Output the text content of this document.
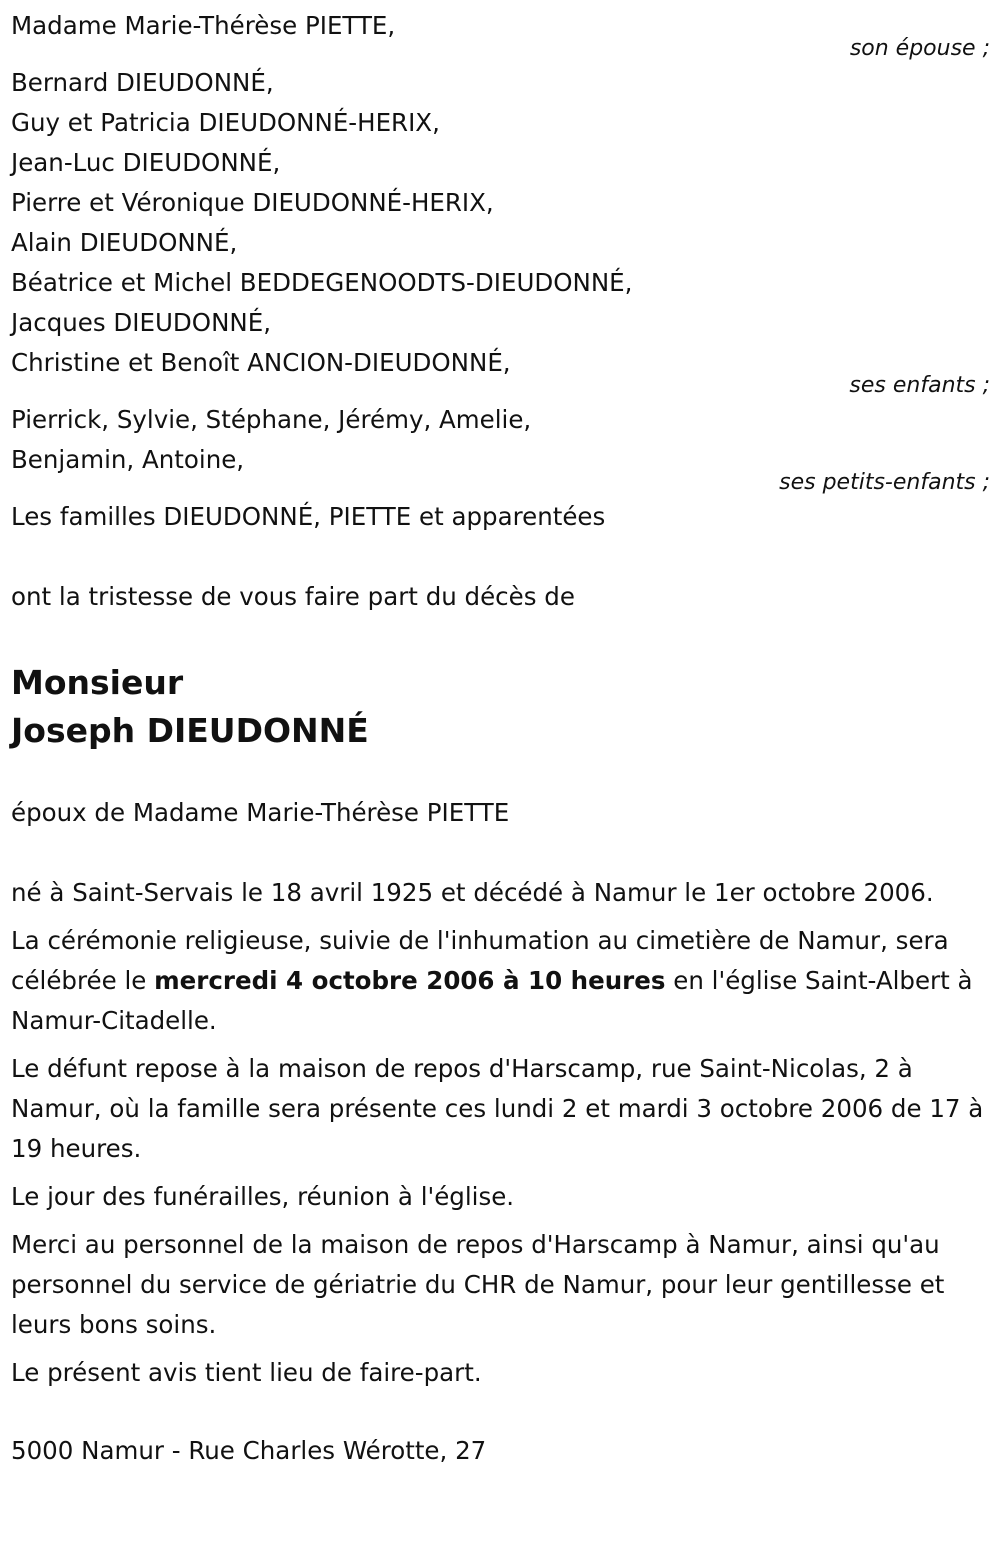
Madame Marie-Thérèse PIETTE,
son épouse ;
Bernard DIEUDONNÉ,
Guy et Patricia DIEUDONNÉ-HERIX,
Jean-Luc DIEUDONNÉ,
Pierre et Véronique DIEUDONNÉ-HERIX,
Alain DIEUDONNÉ,
Béatrice et Michel BEDDEGENOODTS-DIEUDONNÉ,
Jacques DIEUDONNÉ,
Christine et Benoît ANCION-DIEUDONNÉ,
ses enfants ;
Pierrick, Sylvie, Stéphane, Jérémy, Amelie,
Benjamin, Antoine,
ses petits-enfants ;
Les familles DIEUDONNÉ, PIETTE et apparentées
ont la tristesse de vous faire part du décès de
Monsieur
Joseph DIEUDONNÉ
époux de Madame Marie-Thérèse PIETTE
né à Saint-Servais le 18 avril 1925 et décédé à Namur le 1er octobre 2006.
La cérémonie religieuse, suivie de l'inhumation au cimetière de Namur, sera célébrée le mercredi 4 octobre 2006 à 10 heures en l'église Saint-Albert à Namur-Citadelle.
Le défunt repose à la maison de repos d'Harscamp, rue Saint-Nicolas, 2 à Namur, où la famille sera présente ces lundi 2 et mardi 3 octobre 2006 de 17 à 19 heures.
Le jour des funérailles, réunion à l'église.
Merci au personnel de la maison de repos d'Harscamp à Namur, ainsi qu'au personnel du service de gériatrie du CHR de Namur, pour leur gentillesse et leurs bons soins.
Le présent avis tient lieu de faire-part.
5000 Namur - Rue Charles Wérotte, 27
